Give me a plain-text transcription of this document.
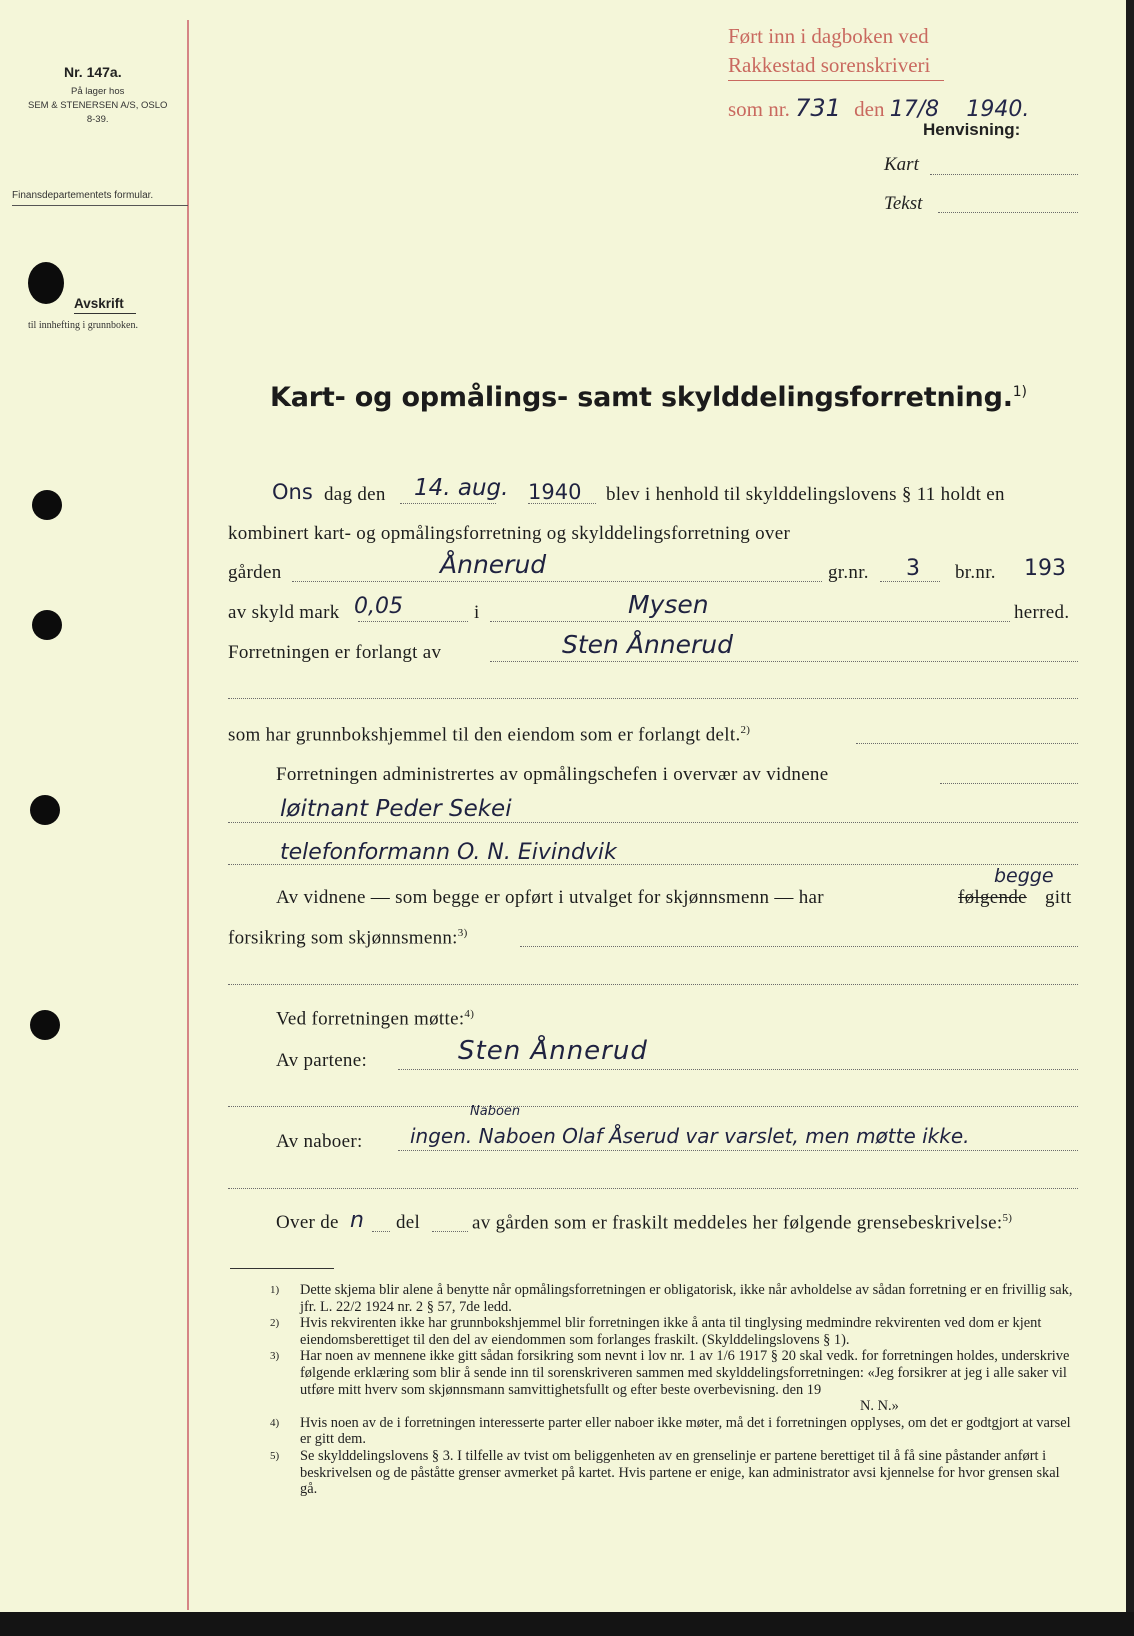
Nr. 147a.
På lager hos
SEM & STENERSEN A/S, OSLO
8-39.
Finansdepartementets formular.
Avskrift
til innhefting i grunnboken.
Ført inn i dagboken ved
Rakkestad sorenskriveri
som nr. 731 den 17/8 1940.
Henvisning:
Kart
Tekst
Kart- og opmålings- samt skylddelingsforretning.$^{1)}$
Ons dag den 14. aug. 1940 blev i henhold til skylddelingslovens § 11 holdt en
kombinert kart- og opmålingsforretning og skylddelingsforretning over
gården	Ånnerud	gr.nr. 3 br.nr. 193
av skyld mark 0,05	i	Mysen	herred.
Forretningen er forlangt av	Sten Ånnerud
som har grunnbokshjemmel til den eiendom som er forlangt delt.$^{2)}$
Forretningen administrertes av opmålingschefen i overvær av vidnene
løitnant Peder Sekei
telefonformann O. N. Eivindvik
Av vidnene — som begge er opført i utvalget for skjønnsmenn — har	følgende gitt
begge
forsikring som skjønnsmenn:$^{3)}$
Ved forretningen møtte:$^{4)}$
Av partene:	Sten Ånnerud
Av naboer: ingen. Naboen Olaf Åserud var varslet, men møtte ikke.
Naboen
Over de n del	av gården som er fraskilt meddeles her følgende grensebeskrivelse:$^{5)}$
1)	Dette skjema blir alene å benytte når opmålingsforretningen er obligatorisk, ikke når avholdelse av sådan forretning er en frivillig sak, jfr. L. 22/2 1924 nr. 2 § 57, 7de ledd.
2)	Hvis rekvirenten ikke har grunnbokshjemmel blir forretningen ikke å anta til tinglysing medmindre rekvirenten ved dom er kjent eiendomsberettiget til den del av eiendommen som forlanges fraskilt. (Skylddelingslovens § 1).
3)	Har noen av mennene ikke gitt sådan forsikring som nevnt i lov nr. 1 av 1/6 1917 § 20 skal vedk. for forretningen holdes, underskrive følgende erklæring som blir å sende inn til sorenskriveren sammen med skylddelingsforretningen: «Jeg forsikrer at jeg i alle saker vil utføre mitt hverv som skjønnsmann samvittighetsfullt og efter beste overbevisning. den 19
N. N.»
4)	Hvis noen av de i forretningen interesserte parter eller naboer ikke møter, må det i forretningen opplyses, om det er godtgjort at varsel er gitt dem.
5)	Se skylddelingslovens § 3. I tilfelle av tvist om beliggenheten av en grenselinje er partene berettiget til å få sine påstander anført i beskrivelsen og de påståtte grenser avmerket på kartet. Hvis partene er enige, kan administrator avsi kjennelse for hvor grensen skal gå.
